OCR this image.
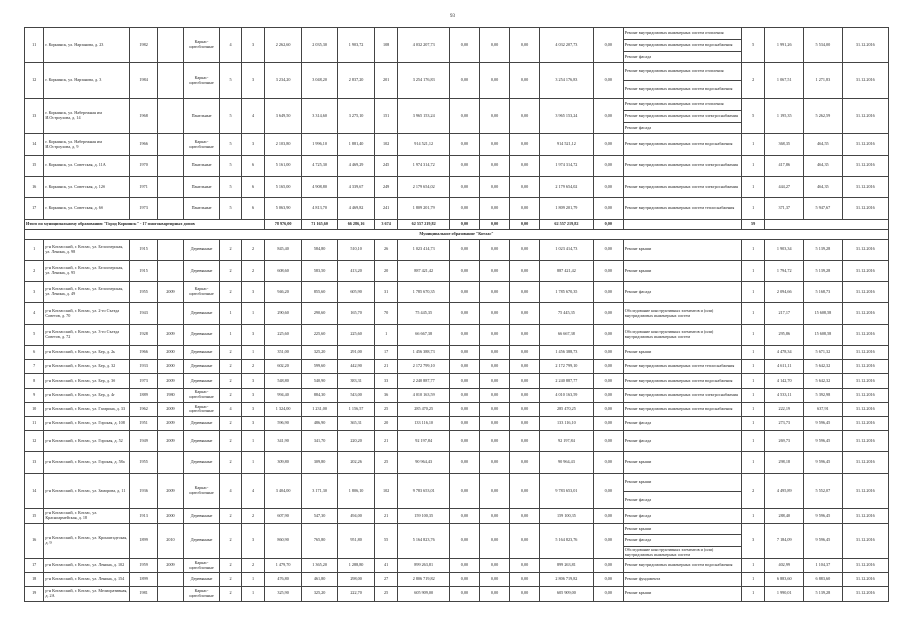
93
11	г. Корнинск, ул. Нарзанова, д. 23	1982		Каркас-щитоблочные	4	3	2 262,60	2 035,30	1 903,72	108	4 032 207,73	0,00	0,00	0,00	4 032 207,73	0,00	Ремонт внутридомовых инженерных систем отопления	5	1 991,26	5 534,00	31.12.2016
																	Ремонт внутридомовых инженерных систем водоснабжения				
																	Ремонт фасада				
12	г. Корнинск, ул. Нарзанова, д. 3	1984		Каркас-щитоблочные	5	3	3 234,20	3 048,20	2 837,20	201	3 254 176,83	0,00	0,00	0,00	3 254 176,83	0,00	Ремонт внутридомовых инженерных систем отопления	2	1 067,51	1 271,83	31.12.2016
																	Ремонт внутридомовых инженерных систем водоснабжения				
13	г. Корнинск, ул. Набережная им И.Остроухова, д. 14	1968		Панельные	5	4	3 649,50	3 314,60	3 275,10	151	3 965 153,24	0,00	0,00	0,00	3 965 153,24	0,00	Ремонт внутридомовых инженерных систем отопления	5	1 195,35	5 262,59	31.12.2016
																	Ремонт внутридомовых инженерных систем электроснабжения				
																	Ремонт фасада				
14	г. Корнинск, ул. Набережная им И.Остроухова, д. 9	1966		Каркас-щитоблочные	5	3	2 103,80	1 996,10	1 881,40	102	914 521,12	0,00	0,00	0,00	914 521,12	0,00	Ремонт внутридомовых инженерных систем водоснабжения	1	368,35	464,55	31.12.2016
15	г. Корнинск, ул. Советская, д. 11А	1970		Панельные	5	6	5 161,00	4 725,30	4 469,29	245	1 974 314,72	0,00	0,00	0,00	1 974 314,72	0,00	Ремонт внутридомовых инженерных систем электроснабжения	1	417,86	464,35	31.12.2016
16	г. Корнинск, ул. Советская, д. 12б	1971		Панельные	5	6	5 165,00	4 908,80	4 339,67	249	2 179 654,02	0,00	0,00	0,00	2 179 654,02	0,00	Ремонт внутридомовых инженерных систем электроснабжения	1	444,27	464,35	31.12.2016
17	г. Корнинск, ул. Советская, д. 6б	1973		Панельные	5	6	5 063,90	4 813,70	4 469,82	241	1 809 201,79	0,00	0,00	0,00	1 809 201,79	0,00	Ремонт внутридомовых инженерных систем теплоснабжения	1	371,37	5 947,67	31.12.2016
Итого по муниципальному образованию "Город Корнинск" - 17 многоквартирных домов							78 976,00	71 165,60	66 286,16	3 674	62 557 219,82	0,00	0,00	0,00	62 557 219,82	0,00		59			
Муниципальное образование "Котлас"																					
1	р-н Котласский, г. Котлас, ул. Белоозерская, ул. Ленина, д. 98	1915		Деревянные	2	2	845,40	584,80	510,10	26	1 023 414,73	0,00	0,00	0,00	1 023 414,73	0,00	Ремонт крыши	1	1 903,34	5 139,28	31.12.2016
2	р-н Котласский, г. Котлас, ул. Белоозерская, ул. Ленина, д. 95	1915		Деревянные	2	2	608,60	583,50	413,20	20	887 421,42	0,00	0,00	0,00	887 421,42	0,00	Ремонт крыши	1	1 794,72	5 139,28	31.12.2016
3	р-н Котласский, г. Котлас, ул. Белоозерская, ул. Ленина, д. 49	1955	2009	Каркас-щитоблочные	2	3	946,20	855,60	605,90	31	1 785 670,35	0,00	0,00	0,00	1 785 670,35	0,00	Ремонт фасада	1	2 094,66	5 168,73	31.12.2016
4	р-н Котласский, г. Котлас, ул. 2-го Съезда Советов, д. 70	1943		Деревянные	1	1	290,60	290,60	165,70	70	75 445,35	0,00	0,00	0,00	75 445,35	0,00	Обследование конструктивных элементов и (или) внутридомовых инженерных систем	1	217,17	15 608,58	31.12.2016
5	р-н Котласский, г. Котлас, ул. 3-го Съезда Советов, д. 72	1928	2009	Деревянные	1	3	225,60	225,60	225,60	1	66 667,38	0,00	0,00	0,00	66 667,38	0,00	Обследование конструктивных элементов и (или) внутридомовых инженерных систем	1	295,86	15 608,58	31.12.2016
6	р-н Котласский, г. Котлас, ул. Бер, д. 2ь	1966	2000	Деревянные	2	1	351,00	325,20	291,00	17	1 456 388,73	0,00	0,00	0,00	1 456 388,73	0,00	Ремонт крыши	1	4 478,34	5 671,32	31.12.2016
7	р-н Котласский, г. Котлас, ул. Бер, д. 32	1933	2000	Деревянные	2	2	602,20	599,60	442,90	21	2 172 799,10	0,00	0,00	0,00	2 172 799,10	0,00	Ремонт внутридомовых инженерных систем теплоснабжения	1	4 611,11	5 642,32	31.12.2016
8	р-н Котласский, г. Котлас, ул. Бер, д. 3б	1973	2009	Деревянные	2	3	548,80	540,90	383,31	33	2 240 887,77	0,00	0,00	0,00	2 240 887,77	0,00	Ремонт внутридомовых инженерных систем водоснабжения	1	4 142,70	5 642,32	31.12.2016
9	р-н Котласский, г. Котлас, ул. Бер, д. 4г	1889	1980	Каркас-щитоблочные	2	3	994,40	884,30	543,00	36	4 010 163,59	0,00	0,00	0,00	4 010 163,59	0,00	Ремонт внутридомовых инженерных систем электроснабжения	1	4 533,11	5 392,98	31.12.2016
10	р-н Котласский, г. Котлас, ул. Гагарина, д. 33	1962	2009	Каркас-щитоблочные	4	3	1 324,00	1 231,00	1 156,57	25	285 470,25	0,00	0,00	0,00	285 470,25	0,00	Ремонт внутридомовых инженерных систем водоснабжения	1	222,19	637,91	31.12.2016
11	р-н Котласский, г. Котлас, ул. Горская, д. 108	1951	2009	Деревянные	2	3	596,90	486,90	365,31	20	133 116,10	0,00	0,00	0,00	133 116,10	0,00	Ремонт фасада	1	273,73	9 596,45	31.12.2016
12	р-н Котласский, г. Котлас, ул. Горская, д. 52	1949	2009	Деревянные	2	1	341,90	341,70	220,20	21	92 197,84	0,00	0,00	0,00	92 197,84	0,00	Ремонт фасада	1	269,73	9 596,45	31.12.2016
13	р-н Котласский, г. Котлас, ул. Горская, д. 58а	1955		Деревянные	2	1	309,80	309,80	202,26	25	90 964,43	0,00	0,00	0,00	90 964,43	0,00	Ремонт крыши	1	298,18	9 596,45	31.12.2016
14	р-н Котласский, г. Котлас, ул. Заморова, д. 11	1936	2009	Каркас-щитоблочные	4	4	3 404,00	3 171,30	1 806,10	102	9 783 653,01	0,00	0,00	0,00	9 783 653,01	0,00	Ремонт крыши	2	4 495,89	5 552,07	31.12.2016
																	Ремонт фасада				
15	р-н Котласский, г. Котлас, ул. Красноармейская, д. 18	1913	2000	Деревянные	2	2	607,90	547,30	494,00	21	159 100,35	0,00	0,00	0,00	159 100,35	0,00	Ремонт фасада	1	288,40	9 596,45	31.12.2016
16	р-н Котласский, г. Котлас, ул. Кронштадтская, д. 9	1899	2010	Деревянные	2	3	860,90	765,80	951,80	55	5 164 823,76	0,00	0,00	0,00	5 164 823,76	0,00	Ремонт крыши	3	7 184,09	9 596,45	31.12.2016
																	Ремонт фасада				
																	Обследование конструктивных элементов и (или) внутридомовых инженерных систем				
17	р-н Котласский, г. Котлас, ул. Ленина, д. 102	1959	2009	Каркас-щитоблочные	2	2	1 479,70	1 365,20	1 288,80	41	899 263,81	0,00	0,00	0,00	899 263,81	0,00	Ремонт внутридомовых инженерных систем водоснабжения	1	402,99	1 104,37	31.12.2016
18	р-н Котласский, г. Котлас, ул. Ленина, д. 154	1899		Деревянные	2	1	476,80	461,80	298,00	27	2 806 719,82	0,00	0,00	0,00	2 806 719,82	0,00	Ремонт фундамента	1	6 883,60	6 883,60	31.12.2016
19	р-н Котласский, г. Котлас, ул. Мелиоративная, д. 2А	1981		Каркас-щитоблочные	2	1	325,90	325,20	222,70	25	605 909,00	0,00	0,00	0,00	605 909,00	0,00	Ремонт крыши	1	1 990,01	5 139,28	31.12.2016
